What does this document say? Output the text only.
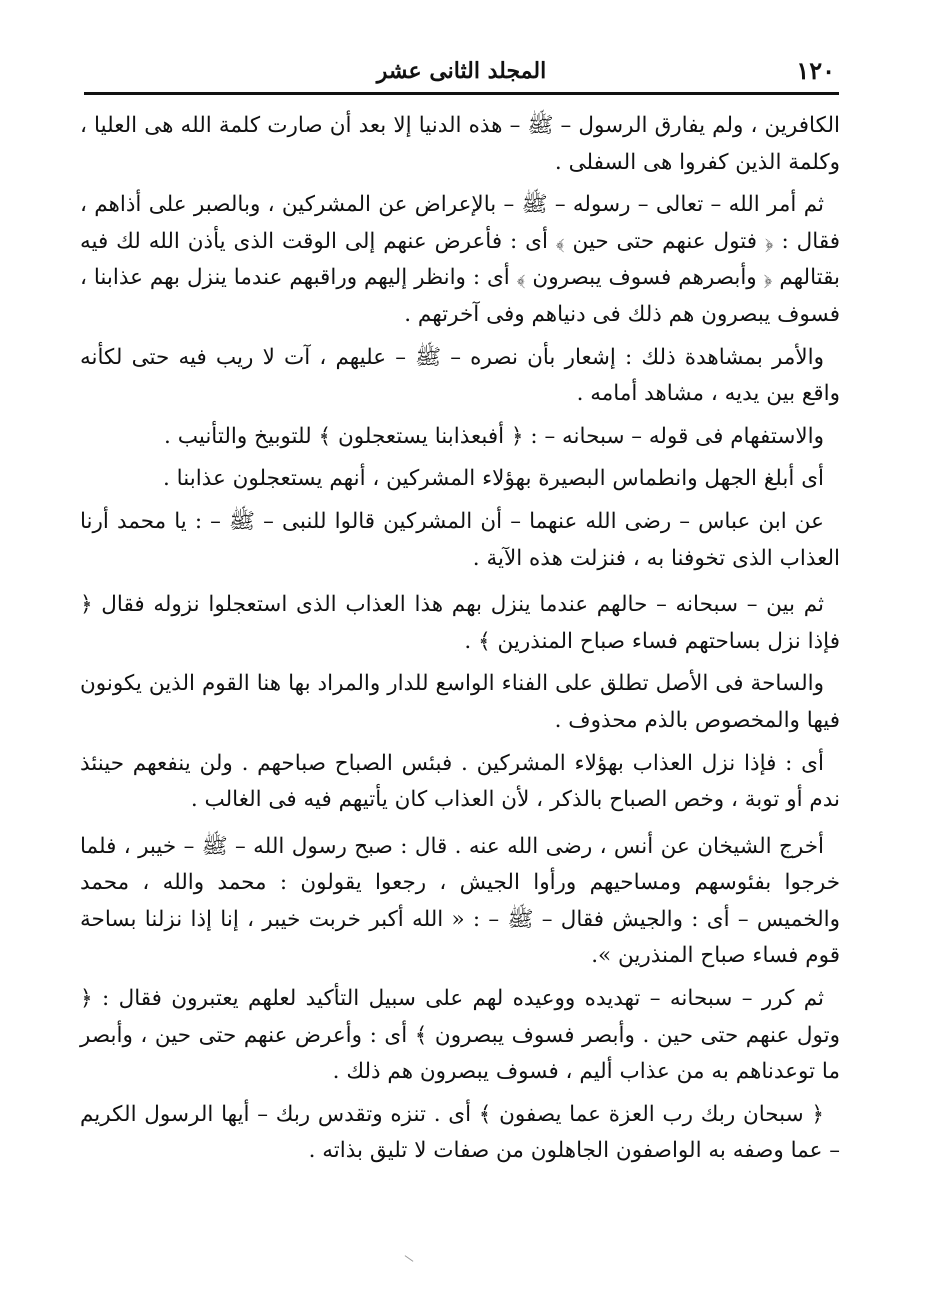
١٢٠
المجلد الثانى عشر

الكافرين ، ولم يفارق الرسول – ﷺ – هذه الدنيا إلا بعد أن صارت كلمة الله هى العليا ، وكلمة الذين كفروا هى السفلى .

ثم أمر الله – تعالى – رسوله – ﷺ – بالإعراض عن المشركين ، وبالصبر على أذاهم ، فقال : ﴿ فتول عنهم حتى حين ﴾ أى : فأعرض عنهم إلى الوقت الذى يأذن الله لك فيه بقتالهم ﴿ وأبصرهم فسوف يبصرون ﴾ أى : وانظر إليهم وراقبهم عندما ينزل بهم عذابنا ، فسوف يبصرون هم ذلك فى دنياهم وفى آخرتهم .

والأمر بمشاهدة ذلك : إشعار بأن نصره – ﷺ – عليهم ، آت لا ريب فيه حتى لكأنه واقع بين يديه ، مشاهد أمامه .

والاستفهام فى قوله – سبحانه – : ﴿ أفبعذابنا يستعجلون ﴾ للتوبيخ والتأنيب .

أى أبلغ الجهل وانطماس البصيرة بهؤلاء المشركين ، أنهم يستعجلون عذابنا .

عن ابن عباس – رضى الله عنهما – أن المشركين قالوا للنبى – ﷺ – : يا محمد أرنا العذاب الذى تخوفنا به ، فنزلت هذه الآية .

ثم بين – سبحانه – حالهم عندما ينزل بهم هذا العذاب الذى استعجلوا نزوله فقال ﴿ فإذا نزل بساحتهم فساء صباح المنذرين ﴾ .

والساحة فى الأصل تطلق على الفناء الواسع للدار والمراد بها هنا القوم الذين يكونون فيها والمخصوص بالذم محذوف .

أى : فإذا نزل العذاب بهؤلاء المشركين . فبئس الصباح صباحهم . ولن ينفعهم حينئذ ندم أو توبة ، وخص الصباح بالذكر ، لأن العذاب كان يأتيهم فيه فى الغالب .

أخرج الشيخان عن أنس ، رضى الله عنه . قال : صبح رسول الله – ﷺ – خيبر ، فلما خرجوا بفئوسهم ومساحيهم ورأوا الجيش ، رجعوا يقولون : محمد والله ، محمد والخميس – أى : والجيش فقال – ﷺ – : « الله أكبر خربت خيبر ، إنا إذا نزلنا بساحة قوم فساء صباح المنذرين ».

ثم كرر – سبحانه – تهديده ووعيده لهم على سبيل التأكيد لعلهم يعتبرون فقال : ﴿ وتول عنهم حتى حين . وأبصر فسوف يبصرون ﴾ أى : وأعرض عنهم حتى حين ، وأبصر ما توعدناهم به من عذاب أليم ، فسوف يبصرون هم ذلك .

﴿ سبحان ربك رب العزة عما يصفون ﴾ أى . تنزه وتقدس ربك – أيها الرسول الكريم – عما وصفه به الواصفون الجاهلون من صفات لا تليق بذاته .
